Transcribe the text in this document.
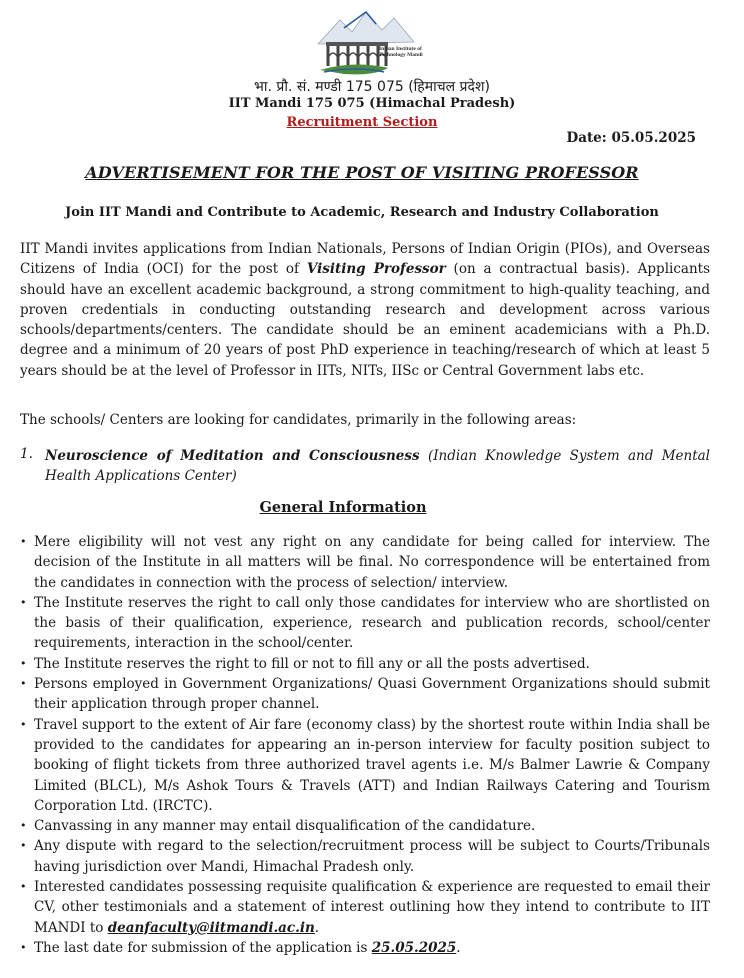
Indian Institute of Technology Mandi
भा. प्रौ. सं. मण्डी 175 075 (हिमाचल प्रदेश)
IIT Mandi 175 075 (Himachal Pradesh)
Recruitment Section
Date: 05.05.2025
ADVERTISEMENT FOR THE POST OF VISITING PROFESSOR
Join IIT Mandi and Contribute to Academic, Research and Industry Collaboration
IIT Mandi invites applications from Indian Nationals, Persons of Indian Origin (PIOs), and Overseas Citizens of India (OCI) for the post of Visiting Professor (on a contractual basis). Applicants should have an excellent academic background, a strong commitment to high-quality teaching, and proven credentials in conducting outstanding research and development across various schools/departments/centers. The candidate should be an eminent academicians with a Ph.D. degree and a minimum of 20 years of post PhD experience in teaching/research of which at least 5 years should be at the level of Professor in IITs, NITs, IISc or Central Government labs etc.
The schools/ Centers are looking for candidates, primarily in the following areas:
1. Neuroscience of Meditation and Consciousness (Indian Knowledge System and Mental Health Applications Center)
General Information
• Mere eligibility will not vest any right on any candidate for being called for interview. The decision of the Institute in all matters will be final. No correspondence will be entertained from the candidates in connection with the process of selection/ interview.
• The Institute reserves the right to call only those candidates for interview who are shortlisted on the basis of their qualification, experience, research and publication records, school/center requirements, interaction in the school/center.
• The Institute reserves the right to fill or not to fill any or all the posts advertised.
• Persons employed in Government Organizations/ Quasi Government Organizations should submit their application through proper channel.
• Travel support to the extent of Air fare (economy class) by the shortest route within India shall be provided to the candidates for appearing an in-person interview for faculty position subject to booking of flight tickets from three authorized travel agents i.e. M/s Balmer Lawrie & Company Limited (BLCL), M/s Ashok Tours & Travels (ATT) and Indian Railways Catering and Tourism Corporation Ltd. (IRCTC).
• Canvassing in any manner may entail disqualification of the candidature.
• Any dispute with regard to the selection/recruitment process will be subject to Courts/Tribunals having jurisdiction over Mandi, Himachal Pradesh only.
• Interested candidates possessing requisite qualification & experience are requested to email their CV, other testimonials and a statement of interest outlining how they intend to contribute to IIT MANDI to deanfaculty@iitmandi.ac.in.
• The last date for submission of the application is 25.05.2025.
